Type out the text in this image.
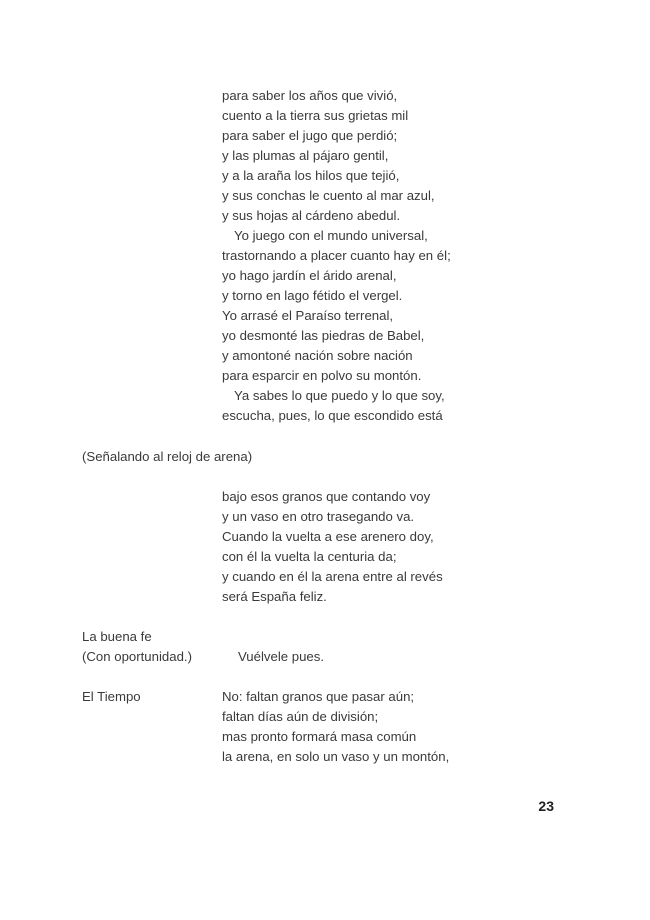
para saber los años que vivió,
cuento a la tierra sus grietas mil
para saber el jugo que perdió;
y las plumas al pájaro gentil,
y a la araña los hilos que tejió,
y sus conchas le cuento al mar azul,
y sus hojas al cárdeno abedul.
Yo juego con el mundo universal,
trastornando a placer cuanto hay en él;
yo hago jardín el árido arenal,
y torno en lago fétido el vergel.
Yo arrasé el Paraíso terrenal,
yo desmonté las piedras de Babel,
y amontoné nación sobre nación
para esparcir en polvo su montón.
Ya sabes lo que puedo y lo que soy,
escucha, pues, lo que escondido está
(Señalando al reloj de arena)
bajo esos granos que contando voy
y un vaso en otro trasegando va.
Cuando la vuelta a ese arenero doy,
con él la vuelta la centuria da;
y cuando en él la arena entre al revés
será España feliz.
La buena fe
(Con oportunidad.)	Vuélvele pues.
El Tiempo	No: faltan granos que pasar aún;
faltan días aún de división;
mas pronto formará masa común
la arena, en solo un vaso y un montón,
23
